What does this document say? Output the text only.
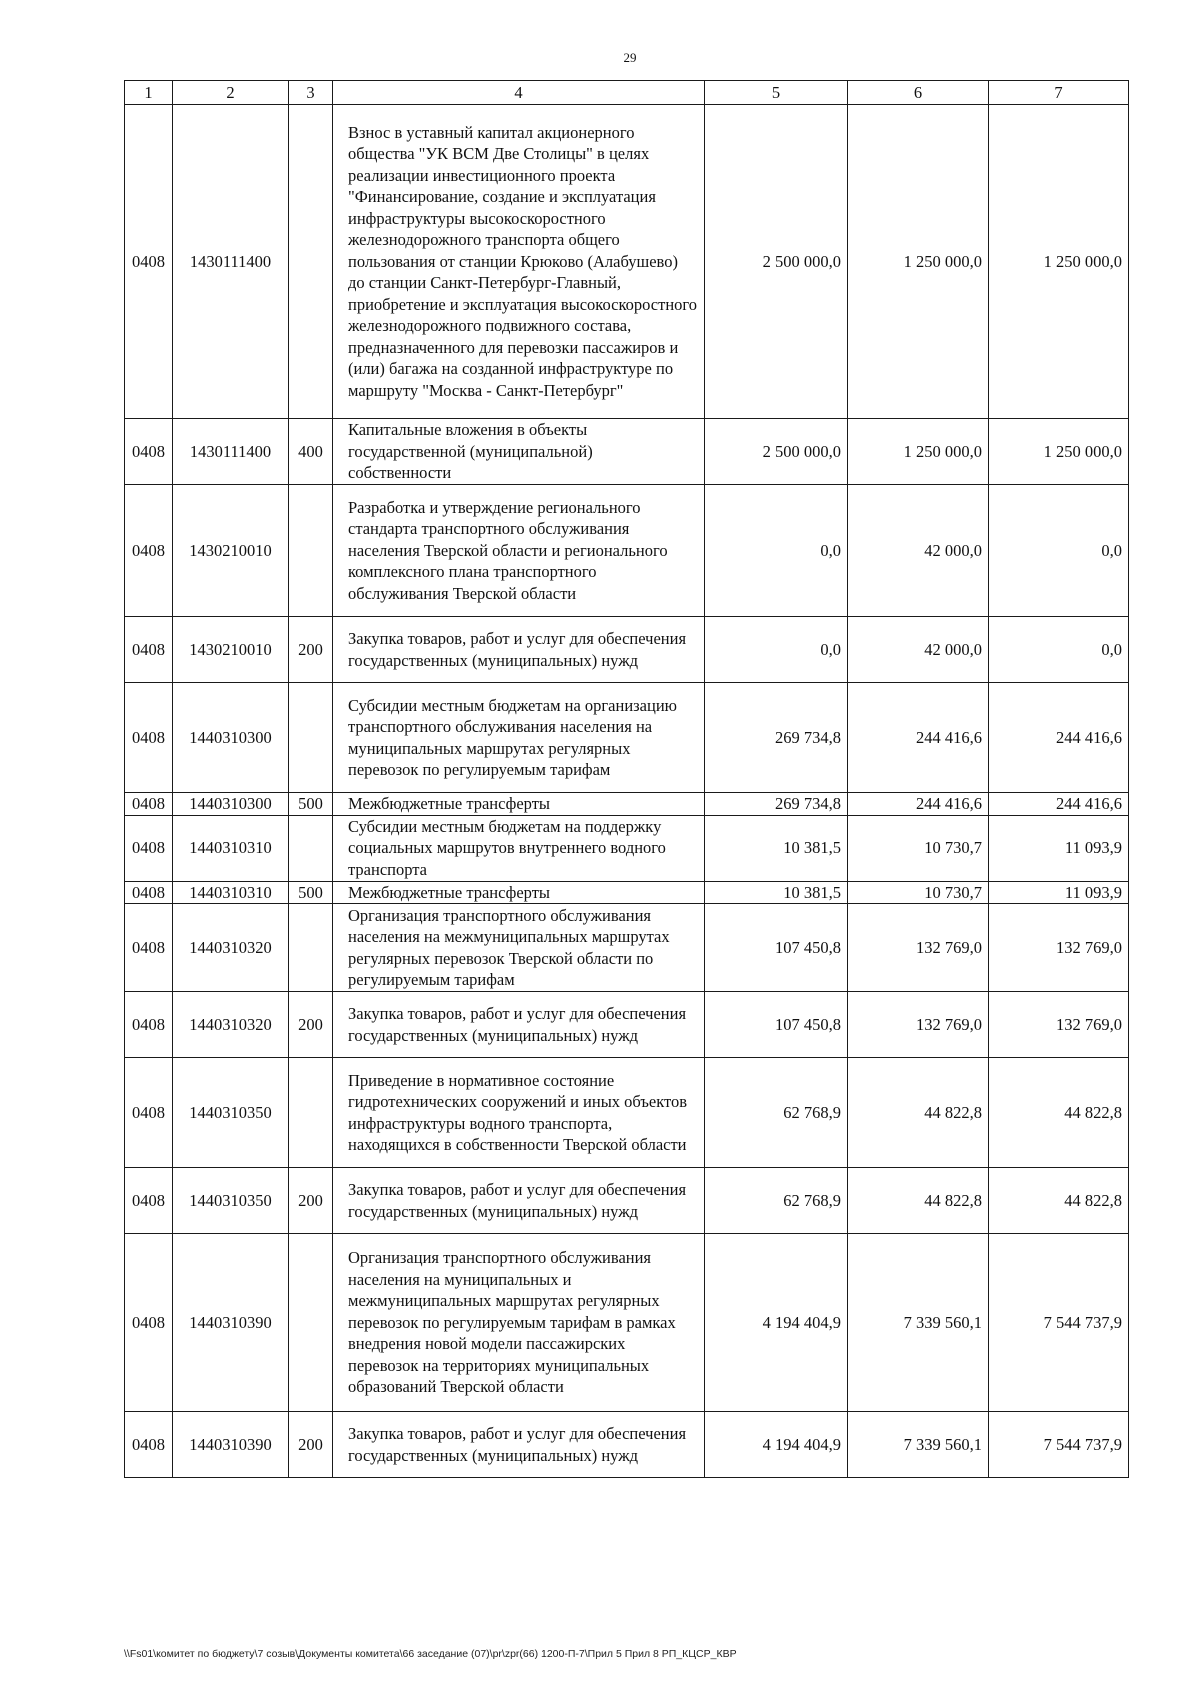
29
1	2	3	4	5	6	7
0408	1430111400		Взнос в уставный капитал акционерного общества "УК ВСМ Две Столицы" в целях реализации инвестиционного проекта "Финансирование, создание и эксплуатация инфраструктуры высокоскоростного железнодорожного транспорта общего пользования от станции Крюково (Алабушево) до станции Санкт-Петербург-Главный, приобретение и эксплуатация высокоскоростного железнодорожного подвижного состава, предназначенного для перевозки пассажиров и (или) багажа на созданной инфраструктуре по маршруту "Москва - Санкт-Петербург"	2 500 000,0	1 250 000,0	1 250 000,0
0408	1430111400	400	Капитальные вложения в объекты государственной (муниципальной) собственности	2 500 000,0	1 250 000,0	1 250 000,0
0408	1430210010		Разработка и утверждение регионального стандарта транспортного обслуживания населения Тверской области и регионального комплексного плана транспортного обслуживания Тверской области	0,0	42 000,0	0,0
0408	1430210010	200	Закупка товаров, работ и услуг для обеспечения государственных (муниципальных) нужд	0,0	42 000,0	0,0
0408	1440310300		Субсидии местным бюджетам на организацию транспортного обслуживания населения на муниципальных маршрутах регулярных перевозок по регулируемым тарифам	269 734,8	244 416,6	244 416,6
0408	1440310300	500	Межбюджетные трансферты	269 734,8	244 416,6	244 416,6
0408	1440310310		Субсидии местным бюджетам на поддержку социальных маршрутов внутреннего водного транспорта	10 381,5	10 730,7	11 093,9
0408	1440310310	500	Межбюджетные трансферты	10 381,5	10 730,7	11 093,9
0408	1440310320		Организация транспортного обслуживания населения на межмуниципальных маршрутах регулярных перевозок Тверской области по регулируемым тарифам	107 450,8	132 769,0	132 769,0
0408	1440310320	200	Закупка товаров, работ и услуг для обеспечения государственных (муниципальных) нужд	107 450,8	132 769,0	132 769,0
0408	1440310350		Приведение в нормативное состояние гидротехнических сооружений и иных объектов инфраструктуры водного транспорта, находящихся в собственности Тверской области	62 768,9	44 822,8	44 822,8
0408	1440310350	200	Закупка товаров, работ и услуг для обеспечения государственных (муниципальных) нужд	62 768,9	44 822,8	44 822,8
0408	1440310390		Организация транспортного обслуживания населения на муниципальных и межмуниципальных маршрутах регулярных перевозок по регулируемым тарифам в рамках внедрения новой модели пассажирских перевозок на территориях муниципальных образований Тверской области	4 194 404,9	7 339 560,1	7 544 737,9
0408	1440310390	200	Закупка товаров, работ и услуг для обеспечения государственных (муниципальных) нужд	4 194 404,9	7 339 560,1	7 544 737,9
\\Fs01\комитет по бюджету\7 созыв\Документы комитета\66 заседание (07)\pr\zpr(66) 1200-П-7\Прил 5 Прил 8 РП_КЦСР_КВР
